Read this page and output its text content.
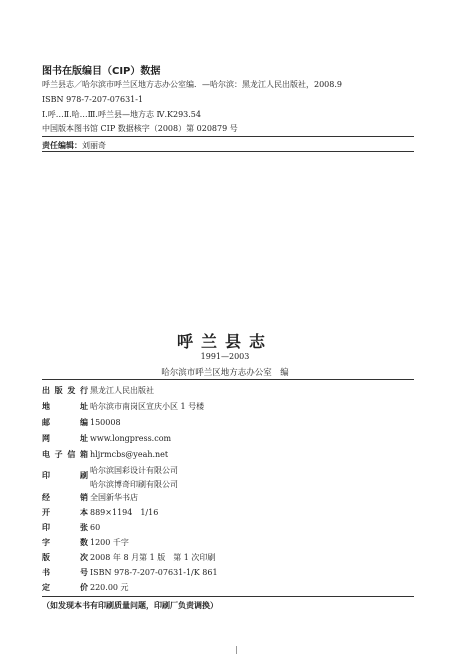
图书在版编目（CIP）数据
呼兰县志／哈尔滨市呼兰区地方志办公室编．—哈尔滨：黑龙江人民出版社，2008.9
ISBN 978-7-207-07631-1
Ⅰ.呼…Ⅱ.哈…Ⅲ.呼兰县—地方志 Ⅳ.K293.54
中国版本图书馆 CIP 数据核字（2008）第 020879 号
责任编辑：刘丽奇
呼兰县志
1991—2003
哈尔滨市呼兰区地方志办公室　编
出版发行 黑龙江人民出版社
地址 哈尔滨市南岗区宣庆小区 1 号楼
邮编 150008
网址 www.longpress.com
电子信箱 hljrmcbs@yeah.net
印刷
哈尔滨国彩设计有限公司
哈尔滨博奇印刷有限公司
经销 全国新华书店
开本 889×1194　1/16
印张 60
字数 1200 千字
版次 2008 年 8 月第 1 版　第 1 次印刷
书号 ISBN 978-7-207-07631-1/K 861
定价 220.00 元
（如发现本书有印刷质量问题，印刷厂负责调换）
